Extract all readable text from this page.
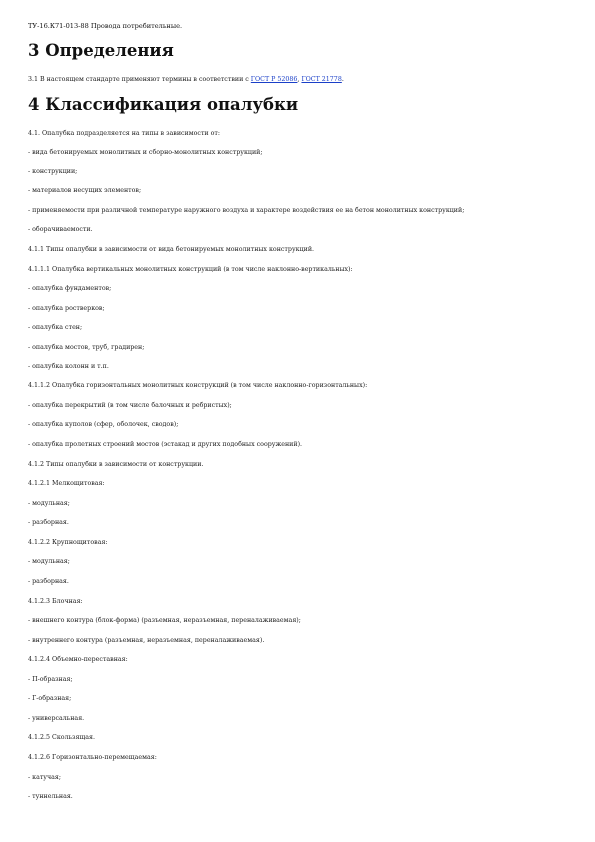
ТУ-16.К71-013-88 Провода потребительные.
3 Определения
3.1 В настоящем стандарте применяют термины в соответствии с ГОСТ Р 52086, ГОСТ 21778.
4 Классификация опалубки
4.1. Опалубка подразделяется на типы в зависимости от:
- вида бетонируемых монолитных и сборно-монолитных конструкций;
- конструкции;
- материалов несущих элементов;
- применяемости при различной температуре наружного воздуха и характере воздействия ее на бетон монолитных конструкций;
- оборачиваемости.
4.1.1 Типы опалубки в зависимости от вида бетонируемых монолитных конструкций.
4.1.1.1 Опалубка вертикальных монолитных конструкций (в том числе наклонно-вертикальных):
- опалубка фундаментов;
- опалубка ростверков;
- опалубка стен;
- опалубка мостов, труб, градирен;
- опалубка колонн и т.п.
4.1.1.2 Опалубка горизонтальных монолитных конструкций (в том числе наклонно-горизонтальных):
- опалубка перекрытий (в том числе балочных и ребристых);
- опалубка куполов (сфер, оболочек, сводов);
- опалубка пролетных строений мостов (эстакад и других подобных сооружений).
4.1.2 Типы опалубки в зависимости от конструкции.
4.1.2.1 Мелкощитовая:
- модульная;
- разборная.
4.1.2.2 Крупнощитовая:
- модульная;
- разборная.
4.1.2.3 Блочная:
- внешнего контура (блок-форма) (разъемная, неразъемная, переналаживаемая);
- внутреннего контура (разъемная, неразъемная, переналаживаемая).
4.1.2.4 Объемно-переставная:
- П-образная;
- Г-образная;
- универсальная.
4.1.2.5 Скользящая.
4.1.2.6 Горизонтально-перемещаемая:
- катучая;
- туннельная.
